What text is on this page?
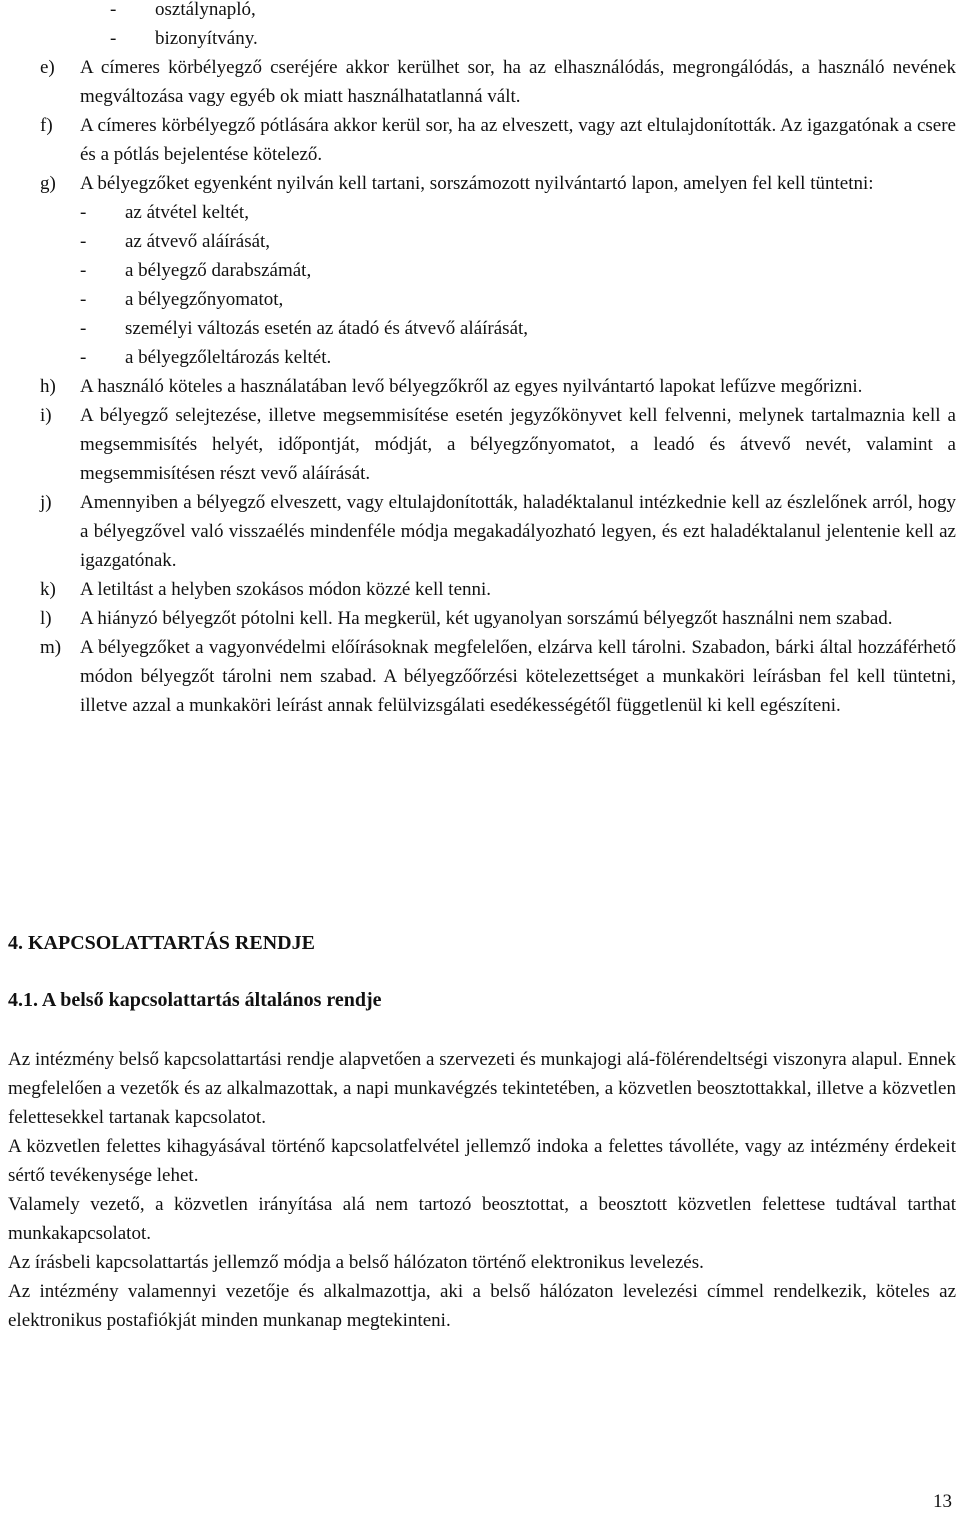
-	osztálynapló,
-	bizonyítvány.
e)	A címeres körbélyegző cseréjére akkor kerülhet sor, ha az elhasználódás, megrongálódás, a használó nevének megváltozása vagy egyéb ok miatt használhatatlanná vált.
f)	A címeres körbélyegző pótlására akkor kerül sor, ha az elveszett, vagy azt eltulajdonították. Az igazgatónak a csere és a pótlás bejelentése kötelező.
g)	A bélyegzőket egyenként nyilván kell tartani, sorszámozott nyilvántartó lapon, amelyen fel kell tüntetni:
-	az átvétel keltét,
-	az átvevő aláírását,
-	a bélyegző darabszámát,
-	a bélyegzőnyomatot,
-	személyi változás esetén az átadó és átvevő aláírását,
-	a bélyegzőleltározás keltét.
h)	A használó köteles a használatában levő bélyegzőkről az egyes nyilvántartó lapokat lefűzve megőrizni.
i)	A bélyegző selejtezése, illetve megsemmisítése esetén jegyzőkönyvet kell felvenni, melynek tartalmaznia kell a megsemmisítés helyét, időpontját, módját, a bélyegzőnyomatot, a leadó és átvevő nevét, valamint a megsemmisítésen részt vevő aláírását.
j)	Amennyiben a bélyegző elveszett, vagy eltulajdonították, haladéktalanul intézkednie kell az észlelőnek arról, hogy a bélyegzővel való visszaélés mindenféle módja megakadályozható legyen, és ezt haladéktalanul jelentenie kell az igazgatónak.
k)	A letiltást a helyben szokásos módon közzé kell tenni.
l)	A hiányzó bélyegzőt pótolni kell. Ha megkerül, két ugyanolyan sorszámú bélyegzőt használni nem szabad.
m) A bélyegzőket a vagyonvédelmi előírásoknak megfelelően, elzárva kell tárolni. Szabadon, bárki által hozzáférhető módon bélyegzőt tárolni nem szabad. A bélyegzőőrzési kötelezettséget a munkaköri leírásban fel kell tüntetni, illetve azzal a munkaköri leírást annak felülvizsgálati esedékességétől függetlenül ki kell egészíteni.
4. KAPCSOLATTARTÁS RENDJE
4.1. A belső kapcsolattartás általános rendje
Az intézmény belső kapcsolattartási rendje alapvetően a szervezeti és munkajogi alá-fölérendeltségi viszonyra alapul. Ennek megfelelően a vezetők és az alkalmazottak, a napi munkavégzés tekintetében, a közvetlen beosztottakkal, illetve a közvetlen felettesekkel tartanak kapcsolatot.
A közvetlen felettes kihagyásával történő kapcsolatfelvétel jellemző indoka a felettes távolléte, vagy az intézmény érdekeit sértő tevékenysége lehet.
Valamely vezető, a közvetlen irányítása alá nem tartozó beosztottat, a beosztott közvetlen felettese tudtával tarthat munkakapcsolatot.
Az írásbeli kapcsolattartás jellemző módja a belső hálózaton történő elektronikus levelezés.
Az intézmény valamennyi vezetője és alkalmazottja, aki a belső hálózaton levelezési címmel rendelkezik, köteles az elektronikus postafiókját minden munkanap megtekinteni.
13
